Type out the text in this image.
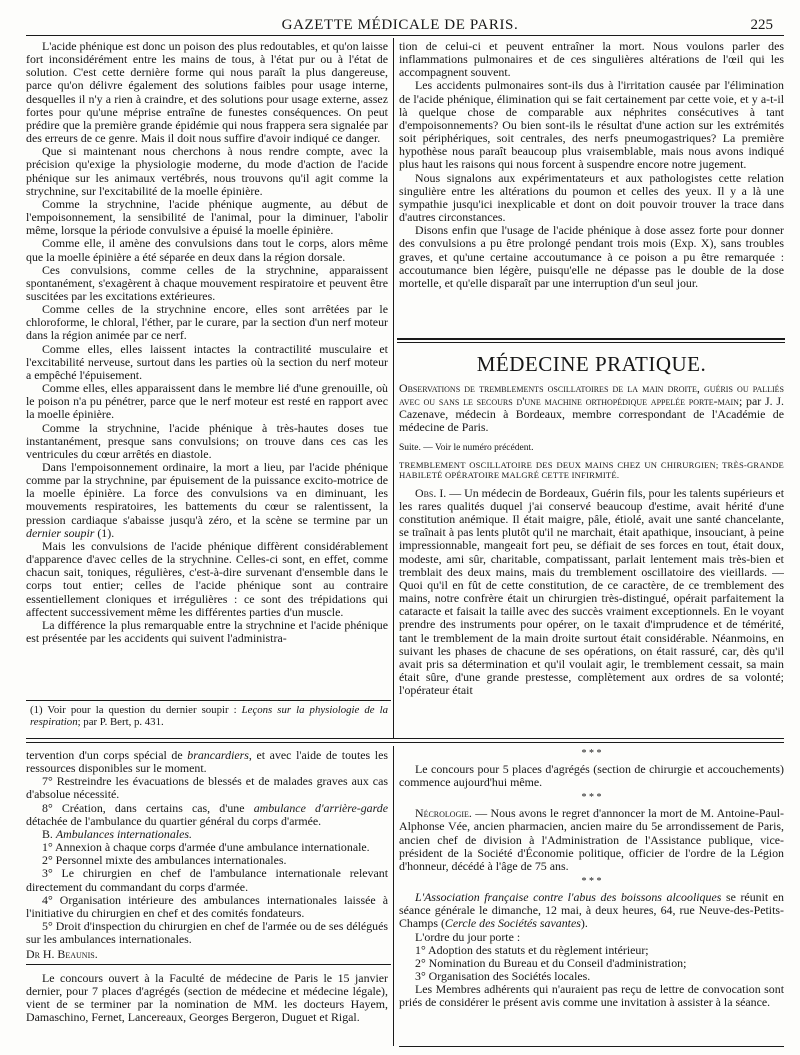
GAZETTE MÉDICALE DE PARIS.	225

L'acide phénique est donc un poison des plus redoutables, et qu'on laisse fort inconsidérément entre les mains de tous, à l'état pur ou à l'état de solution. C'est cette dernière forme qui nous paraît la plus dangereuse, parce qu'on délivre également des solutions faibles pour usage interne, desquelles il n'y a rien à craindre, et des solutions pour usage externe, assez fortes pour qu'une méprise entraîne de funestes conséquences. On peut prédire que la première grande épidémie qui nous frappera sera signalée par des erreurs de ce genre. Mais il doit nous suffire d'avoir indiqué ce danger.

Que si maintenant nous cherchons à nous rendre compte, avec la précision qu'exige la physiologie moderne, du mode d'action de l'acide phénique sur les animaux vertébrés, nous trouvons qu'il agit comme la strychnine, sur l'excitabilité de la moelle épinière.

Comme la strychnine, l'acide phénique augmente, au début de l'empoisonnement, la sensibilité de l'animal, pour la diminuer, l'abolir même, lorsque la période convulsive a épuisé la moelle épinière.

Comme elle, il amène des convulsions dans tout le corps, alors même que la moelle épinière a été séparée en deux dans la région dorsale.

Ces convulsions, comme celles de la strychnine, apparaissent spontanément, s'exagèrent à chaque mouvement respiratoire et peuvent être suscitées par les excitations extérieures.

Comme celles de la strychnine encore, elles sont arrêtées par le chloroforme, le chloral, l'éther, par le curare, par la section d'un nerf moteur dans la région animée par ce nerf.

Comme elles, elles laissent intactes la contractilité musculaire et l'excitabilité nerveuse, surtout dans les parties où la section du nerf moteur a empêché l'épuisement.

Comme elles, elles apparaissent dans le membre lié d'une grenouille, où le poison n'a pu pénétrer, parce que le nerf moteur est resté en rapport avec la moelle épinière.

Comme la strychnine, l'acide phénique à très-hautes doses tue instantanément, presque sans convulsions; on trouve dans ces cas les ventricules du cœur arrêtés en diastole.

Dans l'empoisonnement ordinaire, la mort a lieu, par l'acide phénique comme par la strychnine, par épuisement de la puissance excito-motrice de la moelle épinière. La force des convulsions va en diminuant, les mouvements respiratoires, les battements du cœur se ralentissent, la pression cardiaque s'abaisse jusqu'à zéro, et la scène se termine par un dernier soupir (1).

Mais les convulsions de l'acide phénique diffèrent considérablement d'apparence d'avec celles de la strychnine. Celles-ci sont, en effet, comme chacun sait, toniques, régulières, c'est-à-dire survenant d'ensemble dans le corps tout entier; celles de l'acide phénique sont au contraire essentiellement cloniques et irrégulières : ce sont des trépidations qui affectent successivement même les différentes parties d'un muscle.

La différence la plus remarquable entre la strychnine et l'acide phénique est présentée par les accidents qui suivent l'administra-

(1) Voir pour la question du dernier soupir : Leçons sur la physiologie de la respiration; par P. Bert, p. 431.

tion de celui-ci et peuvent entraîner la mort. Nous voulons parler des inflammations pulmonaires et de ces singulières altérations de l'œil qui les accompagnent souvent.

Les accidents pulmonaires sont-ils dus à l'irritation causée par l'élimination de l'acide phénique, élimination qui se fait certainement par cette voie, et y a-t-il là quelque chose de comparable aux néphrites consécutives à tant d'empoisonnements? Ou bien sont-ils le résultat d'une action sur les extrémités soit périphériques, soit centrales, des nerfs pneumogastriques? La première hypothèse nous paraît beaucoup plus vraisemblable, mais nous avons indiqué plus haut les raisons qui nous forcent à suspendre encore notre jugement.

Nous signalons aux expérimentateurs et aux pathologistes cette relation singulière entre les altérations du poumon et celles des yeux. Il y a là une sympathie jusqu'ici inexplicable et dont on doit pouvoir trouver la trace dans d'autres circonstances.

Disons enfin que l'usage de l'acide phénique à dose assez forte pour donner des convulsions a pu être prolongé pendant trois mois (Exp. X), sans troubles graves, et qu'une certaine accoutumance à ce poison a pu être remarquée : accoutumance bien légère, puisqu'elle ne dépasse pas le double de la dose mortelle, et qu'elle disparaît par une interruption d'un seul jour.

MÉDECINE PRATIQUE.

Observations de tremblements oscillatoires de la main droite, guéris ou palliés avec ou sans le secours d'une machine orthopédique appelée porte-main; par J. J. Cazenave, médecin à Bordeaux, membre correspondant de l'Académie de médecine de Paris.

Suite. — Voir le numéro précédent.

TREMBLEMENT OSCILLATOIRE DES DEUX MAINS CHEZ UN CHIRURGIEN; TRÈS-GRANDE HABILETÉ OPÉRATOIRE MALGRÉ CETTE INFIRMITÉ.

Obs. I. — Un médecin de Bordeaux, Guérin fils, pour les talents supérieurs et les rares qualités duquel j'ai conservé beaucoup d'estime, avait hérité d'une constitution anémique. Il était maigre, pâle, étiolé, avait une santé chancelante, se traînait à pas lents plutôt qu'il ne marchait, était apathique, insouciant, à peine impressionnable, mangeait fort peu, se défiait de ses forces en tout, était doux, modeste, ami sûr, charitable, compatissant, parlait lentement mais très-bien et tremblait des deux mains, mais du tremblement oscillatoire des vieillards. — Quoi qu'il en fût de cette constitution, de ce caractère, de ce tremblement des mains, notre confrère était un chirurgien très-distingué, opérait parfaitement la cataracte et faisait la taille avec des succès vraiment exceptionnels. En le voyant prendre des instruments pour opérer, on le taxait d'imprudence et de témérité, tant le tremblement de la main droite surtout était considérable. Néanmoins, en suivant les phases de chacune de ses opérations, on était rassuré, car, dès qu'il avait pris sa détermination et qu'il voulait agir, le tremblement cessait, sa main était sûre, d'une grande prestesse, complètement aux ordres de sa volonté; l'opérateur était

tervention d'un corps spécial de brancardiers, et avec l'aide de toutes les ressources disponibles sur le moment.

7° Restreindre les évacuations de blessés et de malades graves aux cas d'absolue nécessité.

8° Création, dans certains cas, d'une ambulance d'arrière-garde détachée de l'ambulance du quartier général du corps d'armée.

B. Ambulances internationales.

1° Annexion à chaque corps d'armée d'une ambulance internationale.

2° Personnel mixte des ambulances internationales.

3° Le chirurgien en chef de l'ambulance internationale relevant directement du commandant du corps d'armée.

4° Organisation intérieure des ambulances internationales laissée à l'initiative du chirurgien en chef et des comités fondateurs.

5° Droit d'inspection du chirurgien en chef de l'armée ou de ses délégués sur les ambulances internationales.

Dr H. Beaunis.

Le concours ouvert à la Faculté de médecine de Paris le 15 janvier dernier, pour 7 places d'agrégés (section de médecine et médecine légale), vient de se terminer par la nomination de MM. les docteurs Hayem, Damaschino, Fernet, Lancereaux, Georges Bergeron, Duguet et Rigal.

* * *

Le concours pour 5 places d'agrégés (section de chirurgie et accouchements) commence aujourd'hui même.

* * *

Nécrologie. — Nous avons le regret d'annoncer la mort de M. Antoine-Paul-Alphonse Vée, ancien pharmacien, ancien maire du 5e arrondissement de Paris, ancien chef de division à l'Administration de l'Assistance publique, vice-président de la Société d'Économie politique, officier de l'ordre de la Légion d'honneur, décédé à l'âge de 75 ans.

* * *

L'Association française contre l'abus des boissons alcooliques se réunit en séance générale le dimanche, 12 mai, à deux heures, 64, rue Neuve-des-Petits-Champs (Cercle des Sociétés savantes).

L'ordre du jour porte :

1° Adoption des statuts et du règlement intérieur;

2° Nomination du Bureau et du Conseil d'administration;

3° Organisation des Sociétés locales.

Les Membres adhérents qui n'auraient pas reçu de lettre de convocation sont priés de considérer le présent avis comme une invitation à assister à la séance.
